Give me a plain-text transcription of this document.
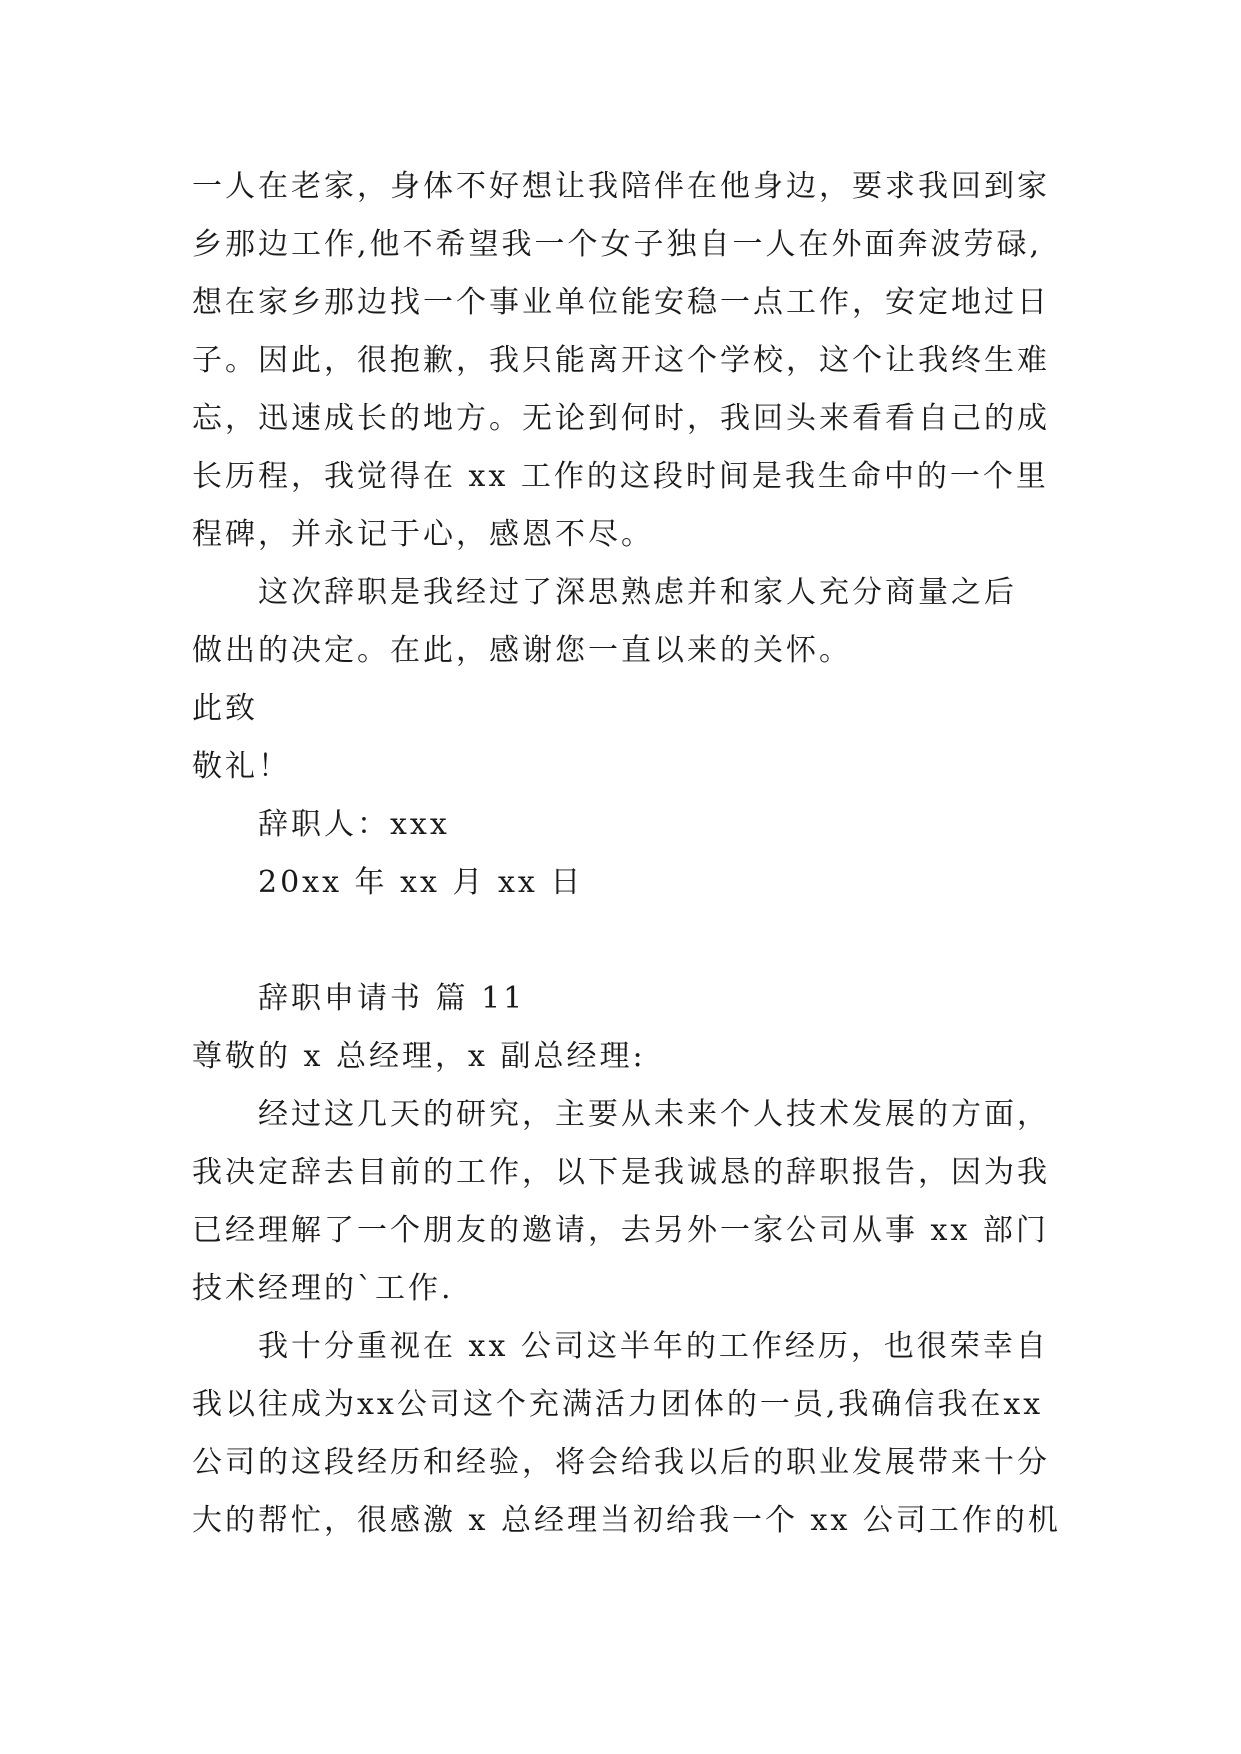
一人在老家，身体不好想让我陪伴在他身边，要求我回到家
乡那边工作,他不希望我一个女子独自一人在外面奔波劳碌,
想在家乡那边找一个事业单位能安稳一点工作，安定地过日
子。因此，很抱歉，我只能离开这个学校，这个让我终生难
忘，迅速成长的地方。无论到何时，我回头来看看自己的成
长历程，我觉得在 xx 工作的这段时间是我生命中的一个里
程碑，并永记于心，感恩不尽。
这次辞职是我经过了深思熟虑并和家人充分商量之后
做出的决定。在此，感谢您一直以来的关怀。
此致
敬礼！
辞职人：xxx
20xx 年 xx 月 xx 日
辞职申请书 篇 11
尊敬的 x 总经理，x 副总经理:
经过这几天的研究，主要从未来个人技术发展的方面，
我决定辞去目前的工作，以下是我诚恳的辞职报告，因为我
已经理解了一个朋友的邀请，去另外一家公司从事 xx 部门
技术经理的`工作.
我十分重视在 xx 公司这半年的工作经历，也很荣幸自
我以往成为xx公司这个充满活力团体的一员,我确信我在xx
公司的这段经历和经验，将会给我以后的职业发展带来十分
大的帮忙，很感激 x 总经理当初给我一个 xx 公司工作的机
